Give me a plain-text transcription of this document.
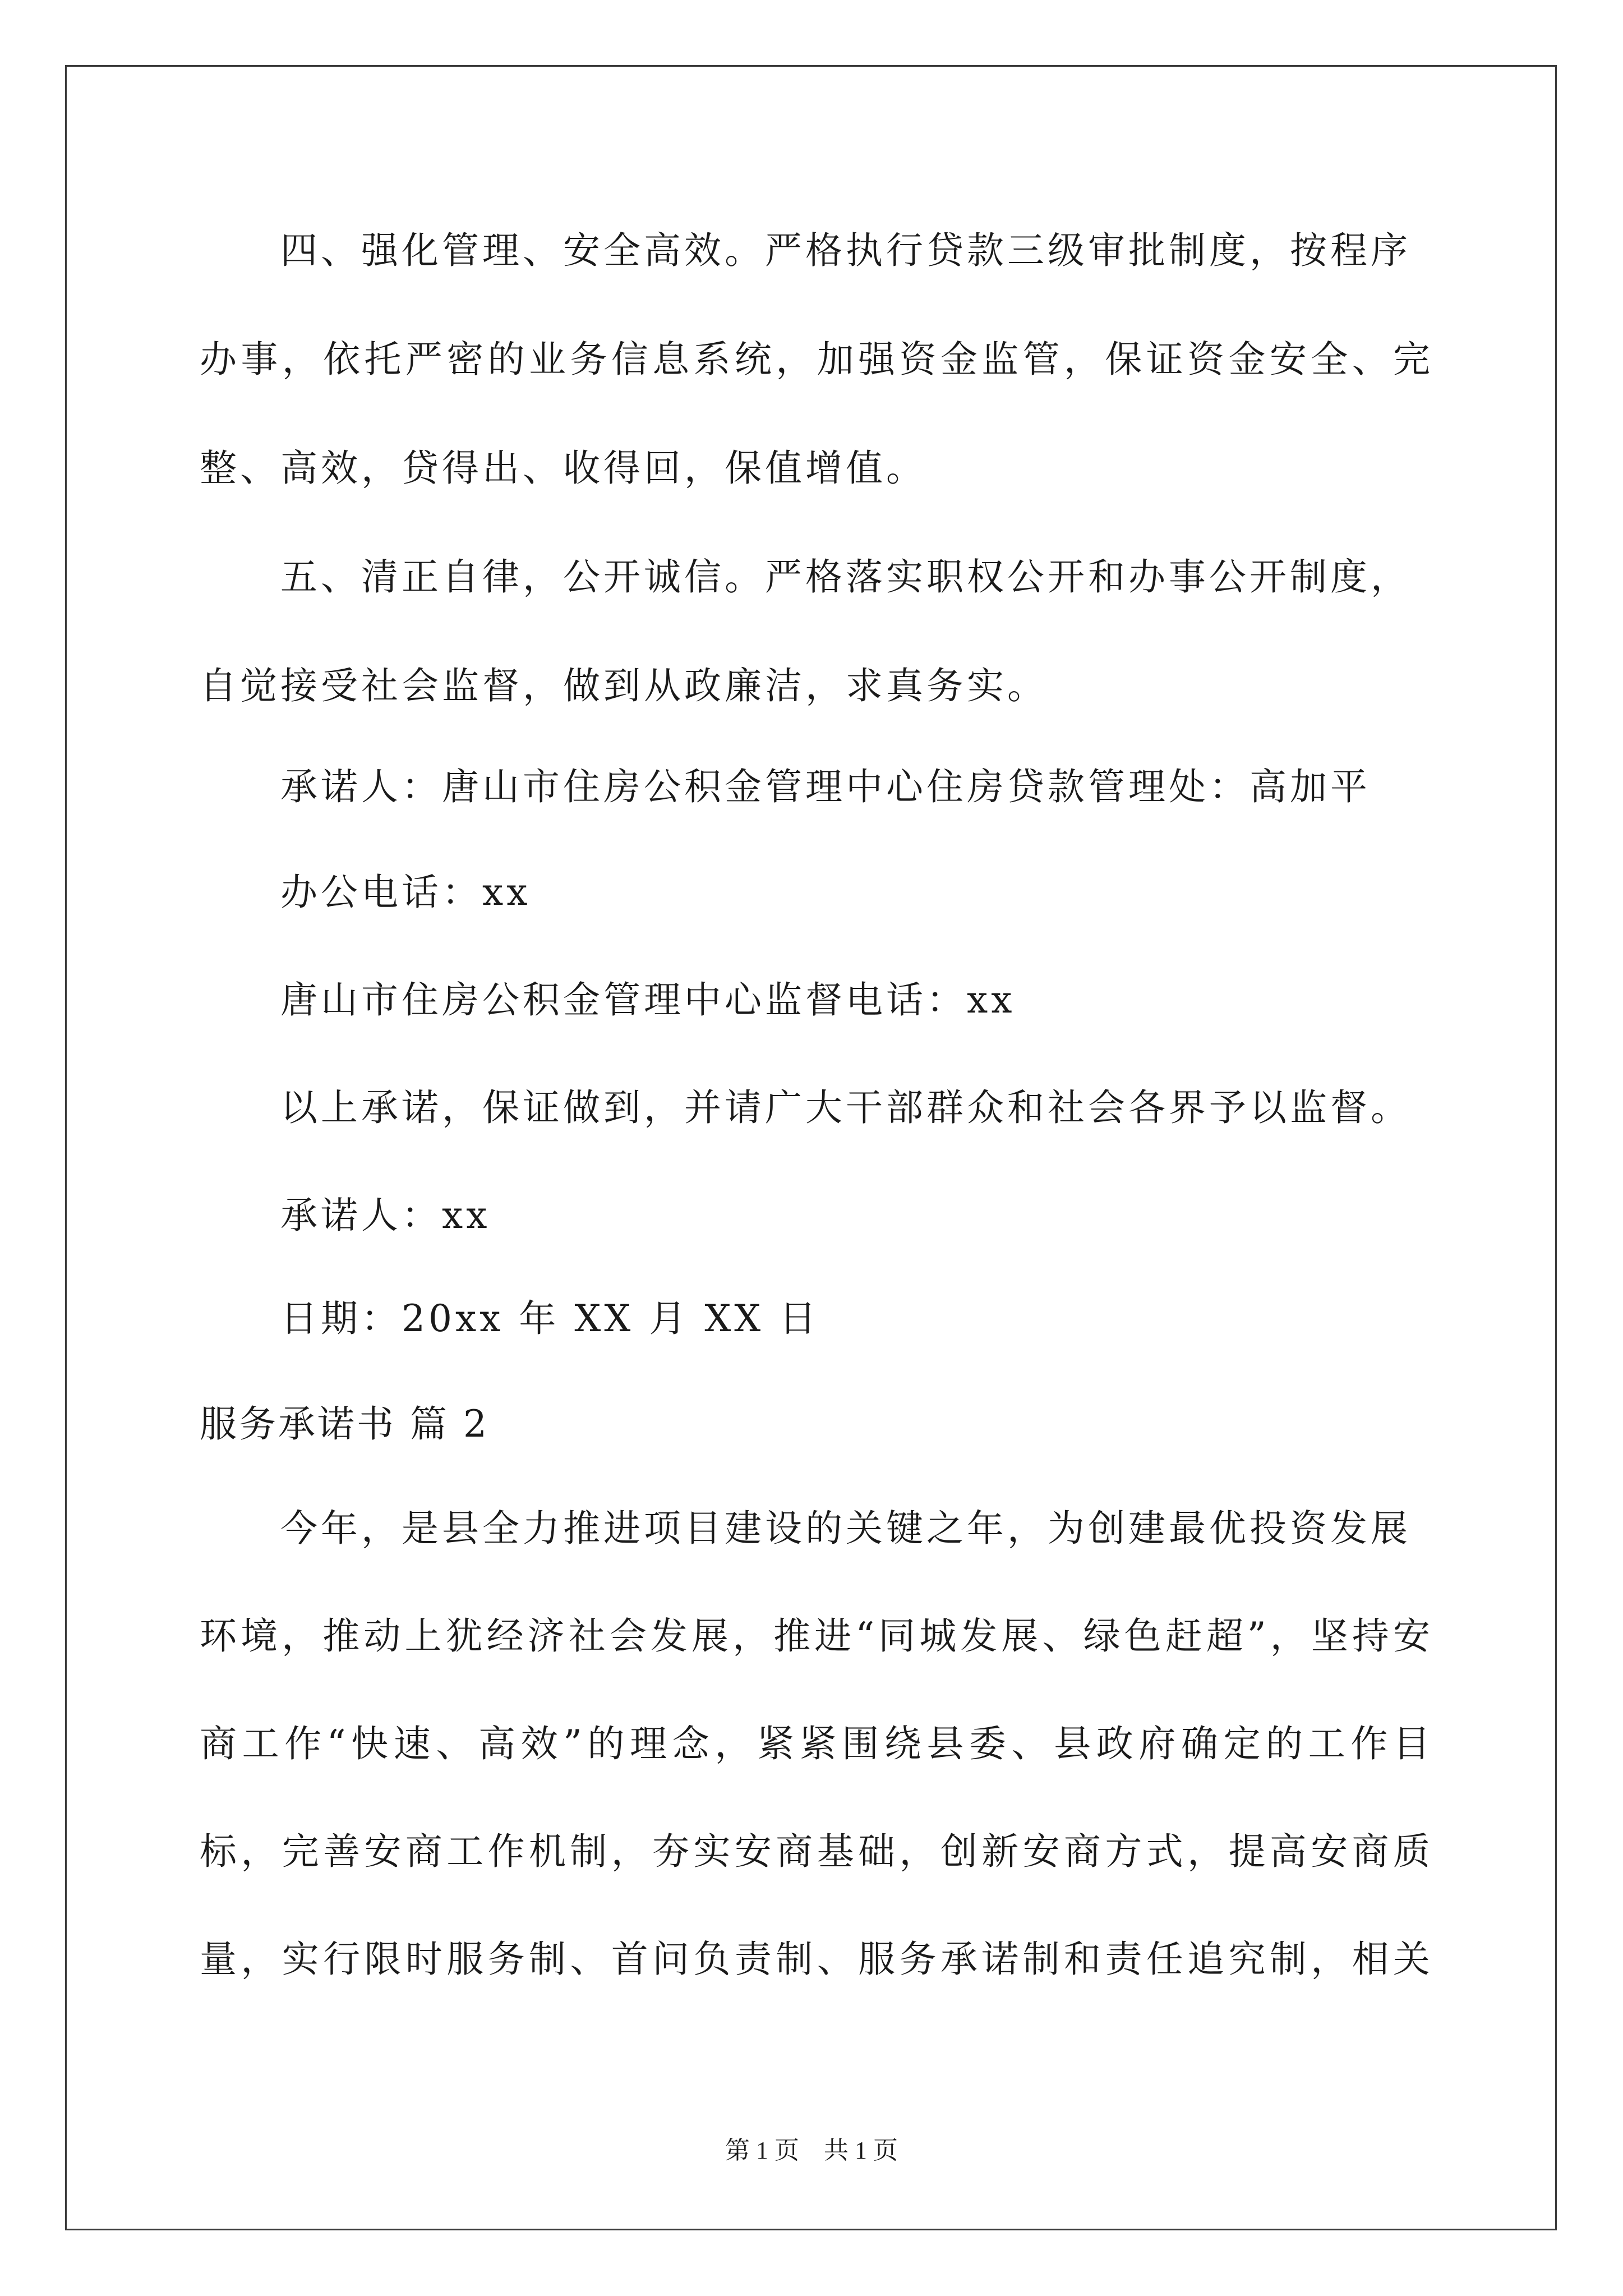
四、强化管理、安全高效。严格执行贷款三级审批制度，按程序
办事，依托严密的业务信息系统，加强资金监管，保证资金安全、完
整、高效，贷得出、收得回，保值增值。
五、清正自律，公开诚信。严格落实职权公开和办事公开制度，
自觉接受社会监督，做到从政廉洁，求真务实。
承诺人：唐山市住房公积金管理中心住房贷款管理处：高加平
办公电话：xx
唐山市住房公积金管理中心监督电话：xx
以上承诺，保证做到，并请广大干部群众和社会各界予以监督。
承诺人：xx
日期：20xx 年 XX 月 XX 日
服务承诺书 篇 2
今年，是县全力推进项目建设的关键之年，为创建最优投资发展
环境，推动上犹经济社会发展，推进“同城发展、绿色赶超”，坚持安
商工作“快速、高效”的理念，紧紧围绕县委、县政府确定的工作目
标，完善安商工作机制，夯实安商基础，创新安商方式，提高安商质
量，实行限时服务制、首问负责制、服务承诺制和责任追究制，相关
第 1 页　共 1 页
